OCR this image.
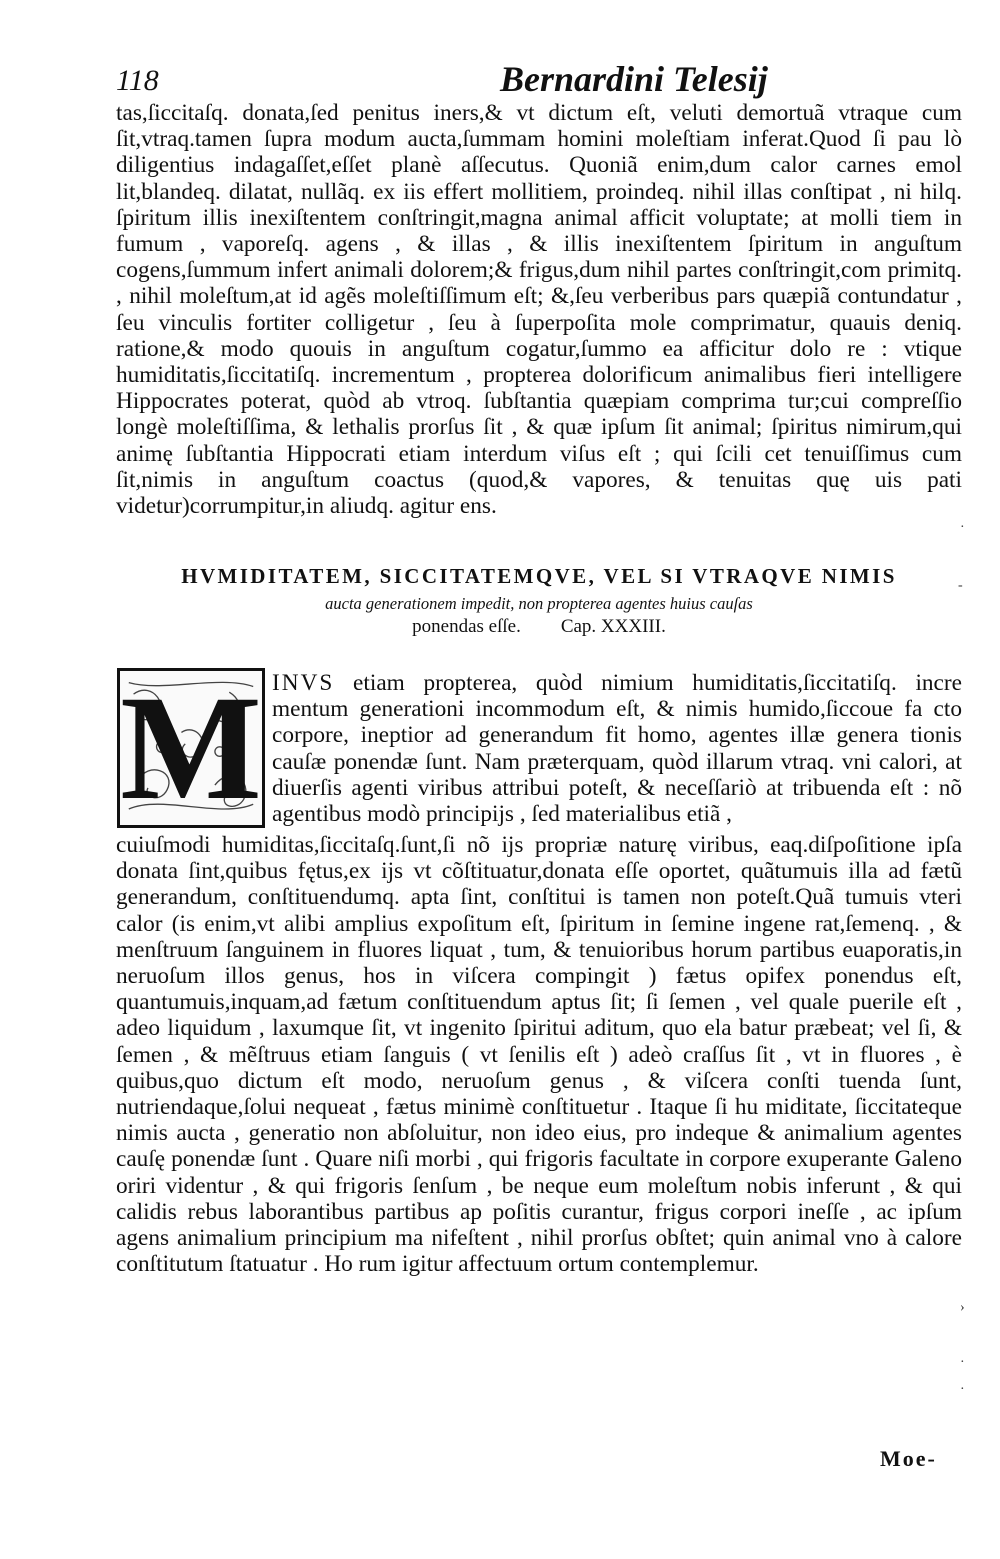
118	Bernardini Telesij

tas,ſiccitaſq. donata,ſed penitus iners,& vt dictum eſt, veluti demortuã vtraque cum ſit,vtraq.tamen ſupra modum aucta,ſummam homini moleſtiam inferat.Quod ſi pau lò diligentius indagaſſet,eſſet planè aſſecutus. Quoniã enim,dum calor carnes emol lit,blandeq. dilatat, nullãq. ex iis effert mollitiem, proindeq. nihil illas conſtipat , ni hilq. ſpiritum illis inexiſtentem conſtringit,magna animal afficit voluptate; at molli tiem in fumum , vaporeſq. agens , & illas , & illis inexiſtentem ſpiritum in anguſtum cogens,ſummum infert animali dolorem;& frigus,dum nihil partes conſtringit,com primitq. , nihil moleſtum,at id agẽs moleſtiſſimum eſt; &,ſeu verberibus pars quæpiã contundatur , ſeu vinculis fortiter colligetur , ſeu à ſuperpoſita mole comprimatur, quauis deniq. ratione,& modo quouis in anguſtum cogatur,ſummo ea afficitur dolo re : vtique humiditatis,ſiccitatiſq. incrementum , propterea dolorificum animalibus fieri intelligere Hippocrates poterat, quòd ab vtroq. ſubſtantia quæpiam comprima tur;cui compreſſio longè moleſtiſſima, & lethalis prorſus ſit , & quæ ipſum ſit animal; ſpiritus nimirum,qui animę ſubſtantia Hippocrati etiam interdum viſus eſt ; qui ſcili cet tenuiſſimus cum ſit,nimis in anguſtum coactus (quod,& vapores, & tenuitas quę uis pati videtur)corrumpitur,in aliudq. agitur ens.

HVMIDITATEM, SICCITATEMQVE, VEL SI VTRAQVE NIMIS

aucta generationem impedit, non propterea agentes huius cauſas

ponendas eſſe. Cap. XXXIII.

M INVS etiam propterea, quòd nimium humiditatis,ſiccitatiſq. incre mentum generationi incommodum eſt, & nimis humido,ſiccoue fa cto corpore, ineptior ad generandum fit homo, agentes illæ genera tionis cauſæ ponendæ ſunt. Nam præterquam, quòd illarum vtraq. vni calori, at diuerſis agenti viribus attribui poteſt, & neceſſariò at tribuenda eſt : nõ agentibus modò principijs , ſed materialibus etiã ,

cuiuſmodi humiditas,ſiccitaſq.ſunt,ſi nõ ijs propriæ naturę viribus, eaq.diſpoſitione ipſa donata ſint,quibus fętus,ex ijs vt cõſtituatur,donata eſſe oportet, quãtumuis illa ad fætũ generandum, conſtituendumq. apta ſint, conſtitui is tamen non poteſt.Quã tumuis vteri calor (is enim,vt alibi amplius expoſitum eſt, ſpiritum in ſemine ingene rat,ſemenq. , & menſtruum ſanguinem in fluores liquat , tum, & tenuioribus horum partibus euaporatis,in neruoſum illos genus, hos in viſcera compingit ) fætus opifex ponendus eſt, quantumuis,inquam,ad fætum conſtituendum aptus ſit; ſi ſemen , vel quale puerile eſt , adeo liquidum , laxumque ſit, vt ingenito ſpiritui aditum, quo ela batur præbeat; vel ſi, & ſemen , & mẽſtruus etiam ſanguis ( vt ſenilis eſt ) adeò craſſus ſit , vt in fluores , è quibus,quo dictum eſt modo, neruoſum genus , & viſcera conſti tuenda ſunt, nutriendaque,ſolui nequeat , fætus minimè conſtituetur . Itaque ſi hu miditate, ſiccitateque nimis aucta , generatio non abſoluitur, non ideo eius, pro indeque & animalium agentes cauſę ponendæ ſunt . Quare niſi morbi , qui frigoris facultate in corpore exuperante Galeno oriri videntur , & qui frigoris ſenſum , be neque eum moleſtum nobis inferunt , & qui calidis rebus laborantibus partibus ap poſitis curantur, frigus corpori ineſſe , ac ipſum agens animalium principium ma nifeſtent , nihil prorſus obſtet; quin animal vno à calore conſtitutum ſtatuatur . Ho rum igitur affectuum ortum contemplemur.

Moe-
·
-
›
·
·
